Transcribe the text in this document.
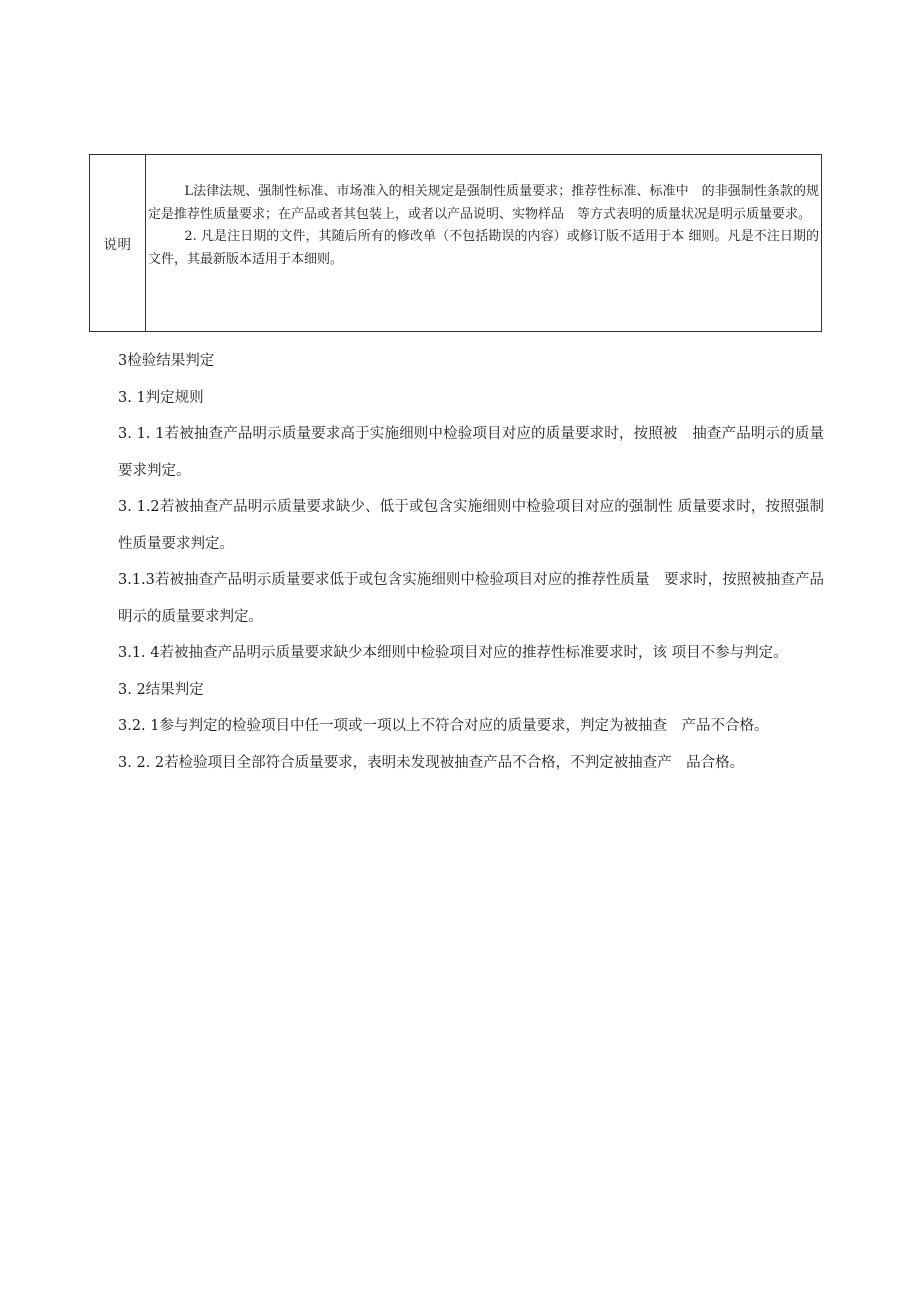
说明

L法律法规、强制性标准、市场准入的相关规定是强制性质量要求；推荐性标准、标准中　的非强制性条款的规定是推荐性质量要求；在产品或者其包装上，或者以产品说明、实物样品　等方式表明的质量状况是明示质量要求。

2. 凡是注日期的文件，其随后所有的修改单（不包括勘误的内容）或修订版不适用于本 细则。凡是不注日期的文件，其最新版本适用于本细则。

3检验结果判定

3. 1判定规则

3. 1. 1若被抽查产品明示质量要求高于实施细则中检验项目对应的质量要求时，按照被　抽查产品明示的质量要求判定。

3. 1.2若被抽查产品明示质量要求缺少、低于或包含实施细则中检验项目对应的强制性 质量要求时，按照强制性质量要求判定。

3.1.3若被抽查产品明示质量要求低于或包含实施细则中检验项目对应的推荐性质量　要求时，按照被抽查产品明示的质量要求判定。

3.1. 4若被抽查产品明示质量要求缺少本细则中检验项目对应的推荐性标准要求时，该 项目不参与判定。

3. 2结果判定

3.2. 1参与判定的检验项目中任一项或一项以上不符合对应的质量要求，判定为被抽查　产品不合格。

3. 2. 2若检验项目全部符合质量要求，表明未发现被抽查产品不合格，不判定被抽查产　品合格。
